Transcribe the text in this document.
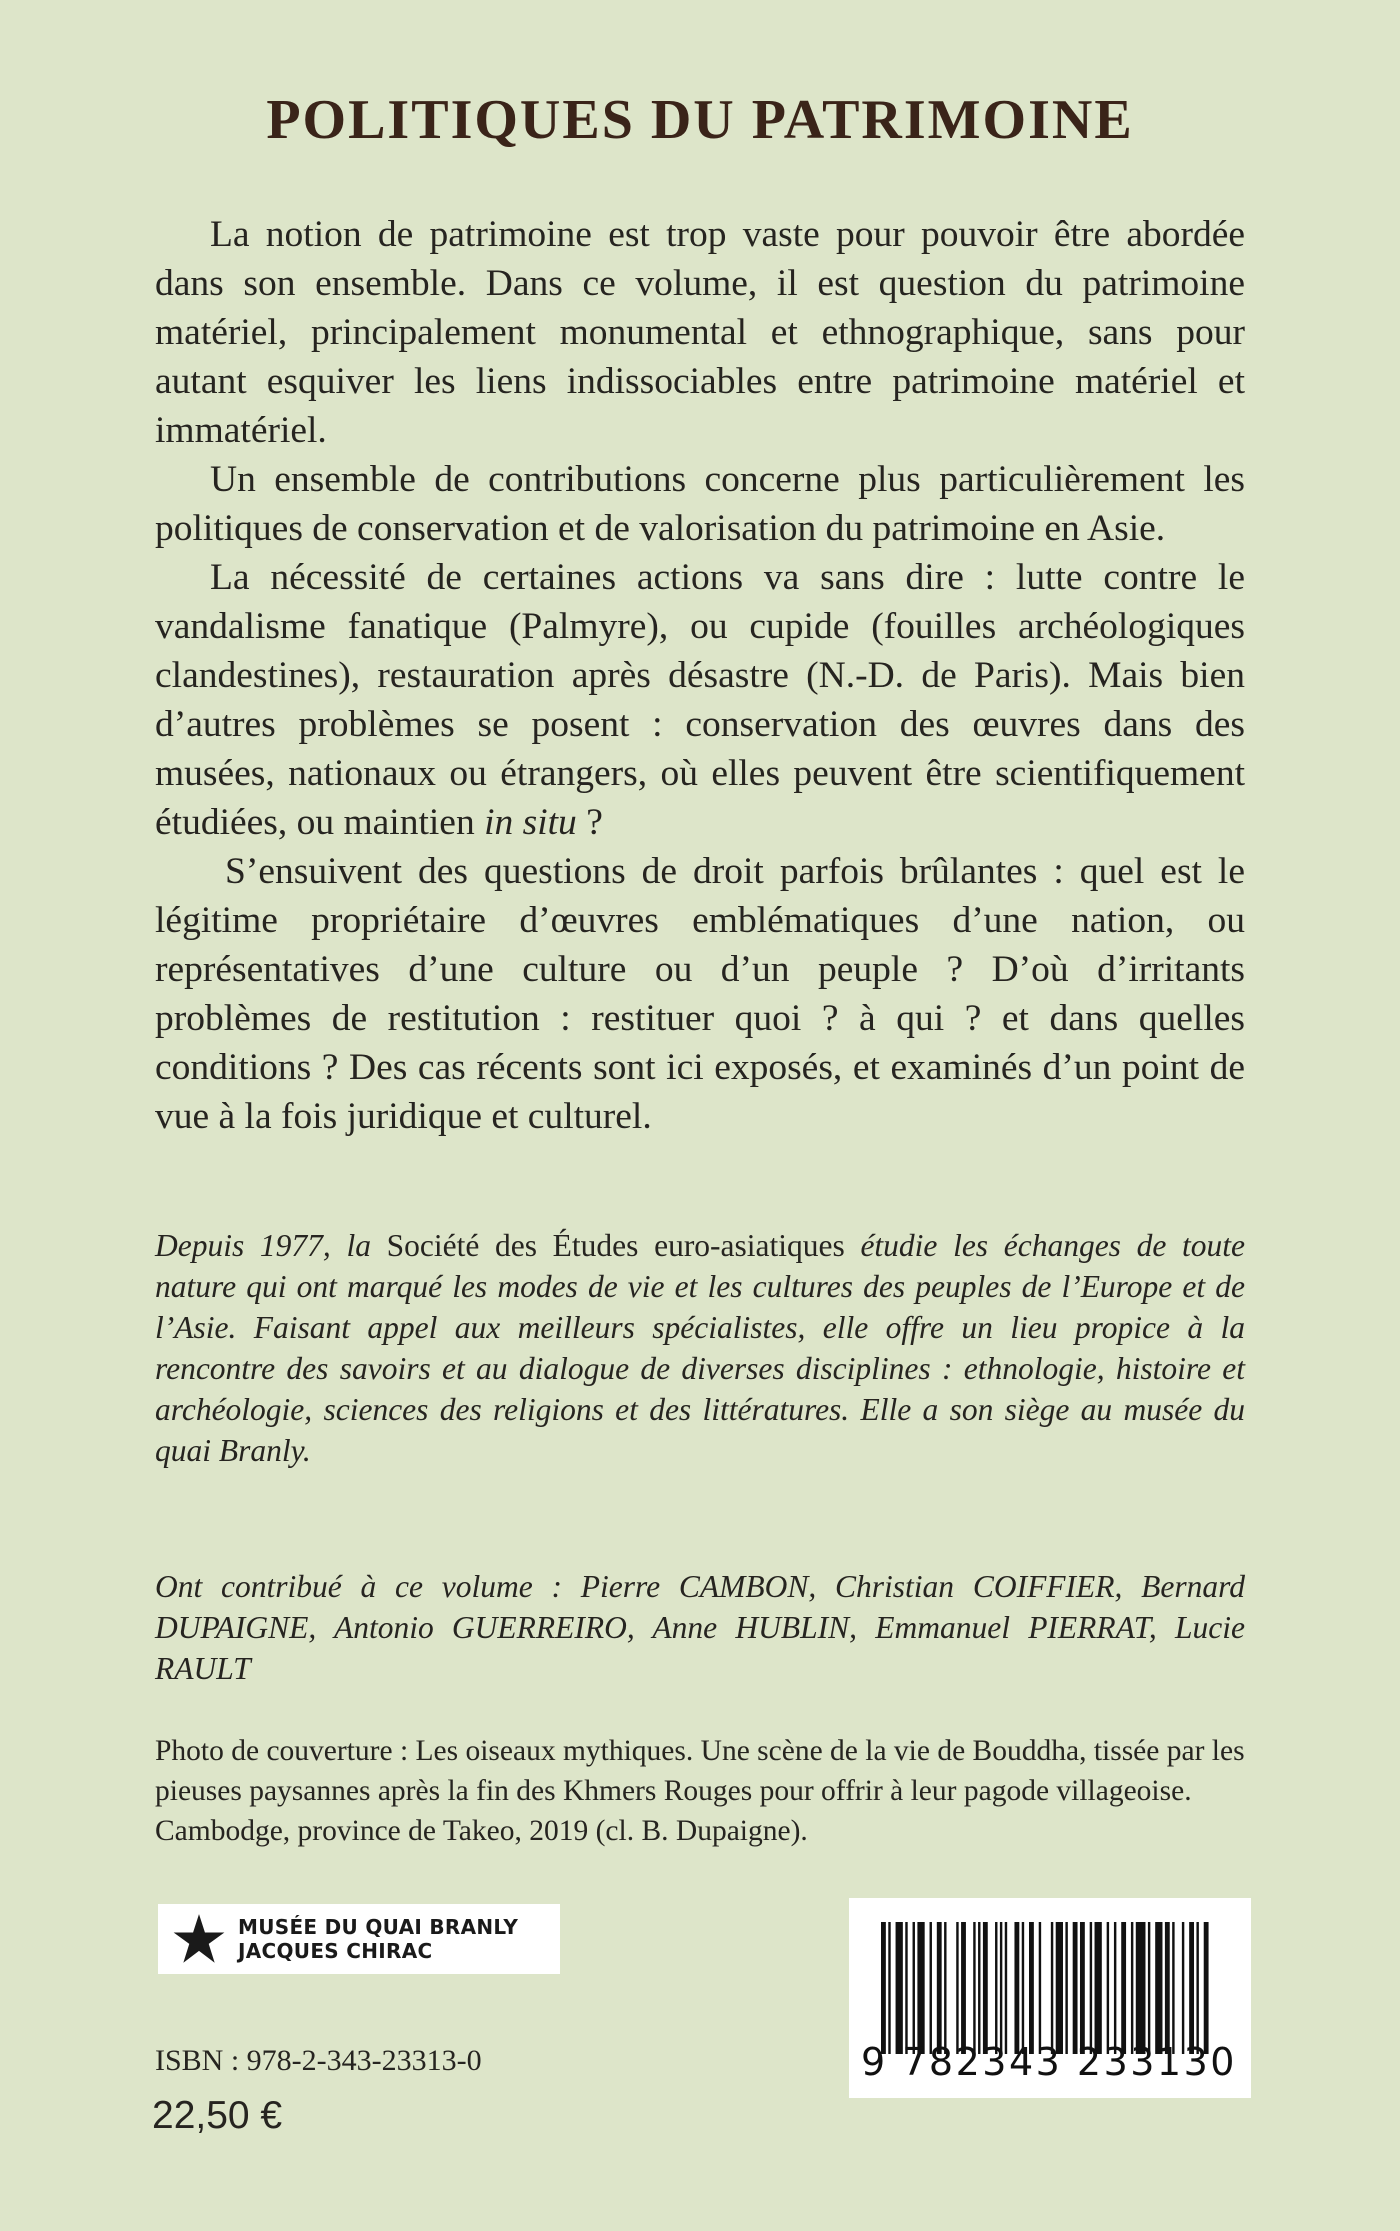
POLITIQUES DU PATRIMOINE

La notion de patrimoine est trop vaste pour pouvoir être abordée dans son ensemble. Dans ce volume, il est question du patrimoine matériel, principalement monumental et ethnographique, sans pour autant esquiver les liens indissociables entre patrimoine matériel et immatériel.

Un ensemble de contributions concerne plus particulièrement les politiques de conservation et de valorisation du patrimoine en Asie.

La nécessité de certaines actions va sans dire : lutte contre le vandalisme fanatique (Palmyre), ou cupide (fouilles archéologiques clandestines), restauration après désastre (N.-D. de Paris). Mais bien d’autres problèmes se posent : conservation des œuvres dans des musées, nationaux ou étrangers, où elles peuvent être scientifiquement étudiées, ou maintien in situ ?

S’ensuivent des questions de droit parfois brûlantes : quel est le légitime propriétaire d’œuvres emblématiques d’une nation, ou représentatives d’une culture ou d’un peuple ? D’où d’irritants problèmes de restitution : restituer quoi ? à qui ? et dans quelles conditions ? Des cas récents sont ici exposés, et examinés d’un point de vue à la fois juridique et culturel.

Depuis 1977, la Société des Études euro-asiatiques étudie les échanges de toute nature qui ont marqué les modes de vie et les cultures des peuples de l’Europe et de l’Asie. Faisant appel aux meilleurs spécialistes, elle offre un lieu propice à la rencontre des savoirs et au dialogue de diverses disciplines : ethnologie, histoire et archéologie, sciences des religions et des littératures. Elle a son siège au musée du quai Branly.
Ont contribué à ce volume : Pierre CAMBON, Christian COIFFIER, Bernard DUPAIGNE, Antonio GUERREIRO, Anne HUBLIN, Emmanuel PIERRAT, Lucie RAULT
Photo de couverture : Les oiseaux mythiques. Une scène de la vie de Bouddha, tissée par les pieuses paysannes après la fin des Khmers Rouges pour offrir à leur pagode villageoise. Cambodge, province de Takeo, 2019 (cl. B. Dupaigne).
MUSÉE DU QUAI BRANLY
JACQUES CHIRAC
ISBN : 978-2-343-23313-0
22,50 €
9 782343 233130
